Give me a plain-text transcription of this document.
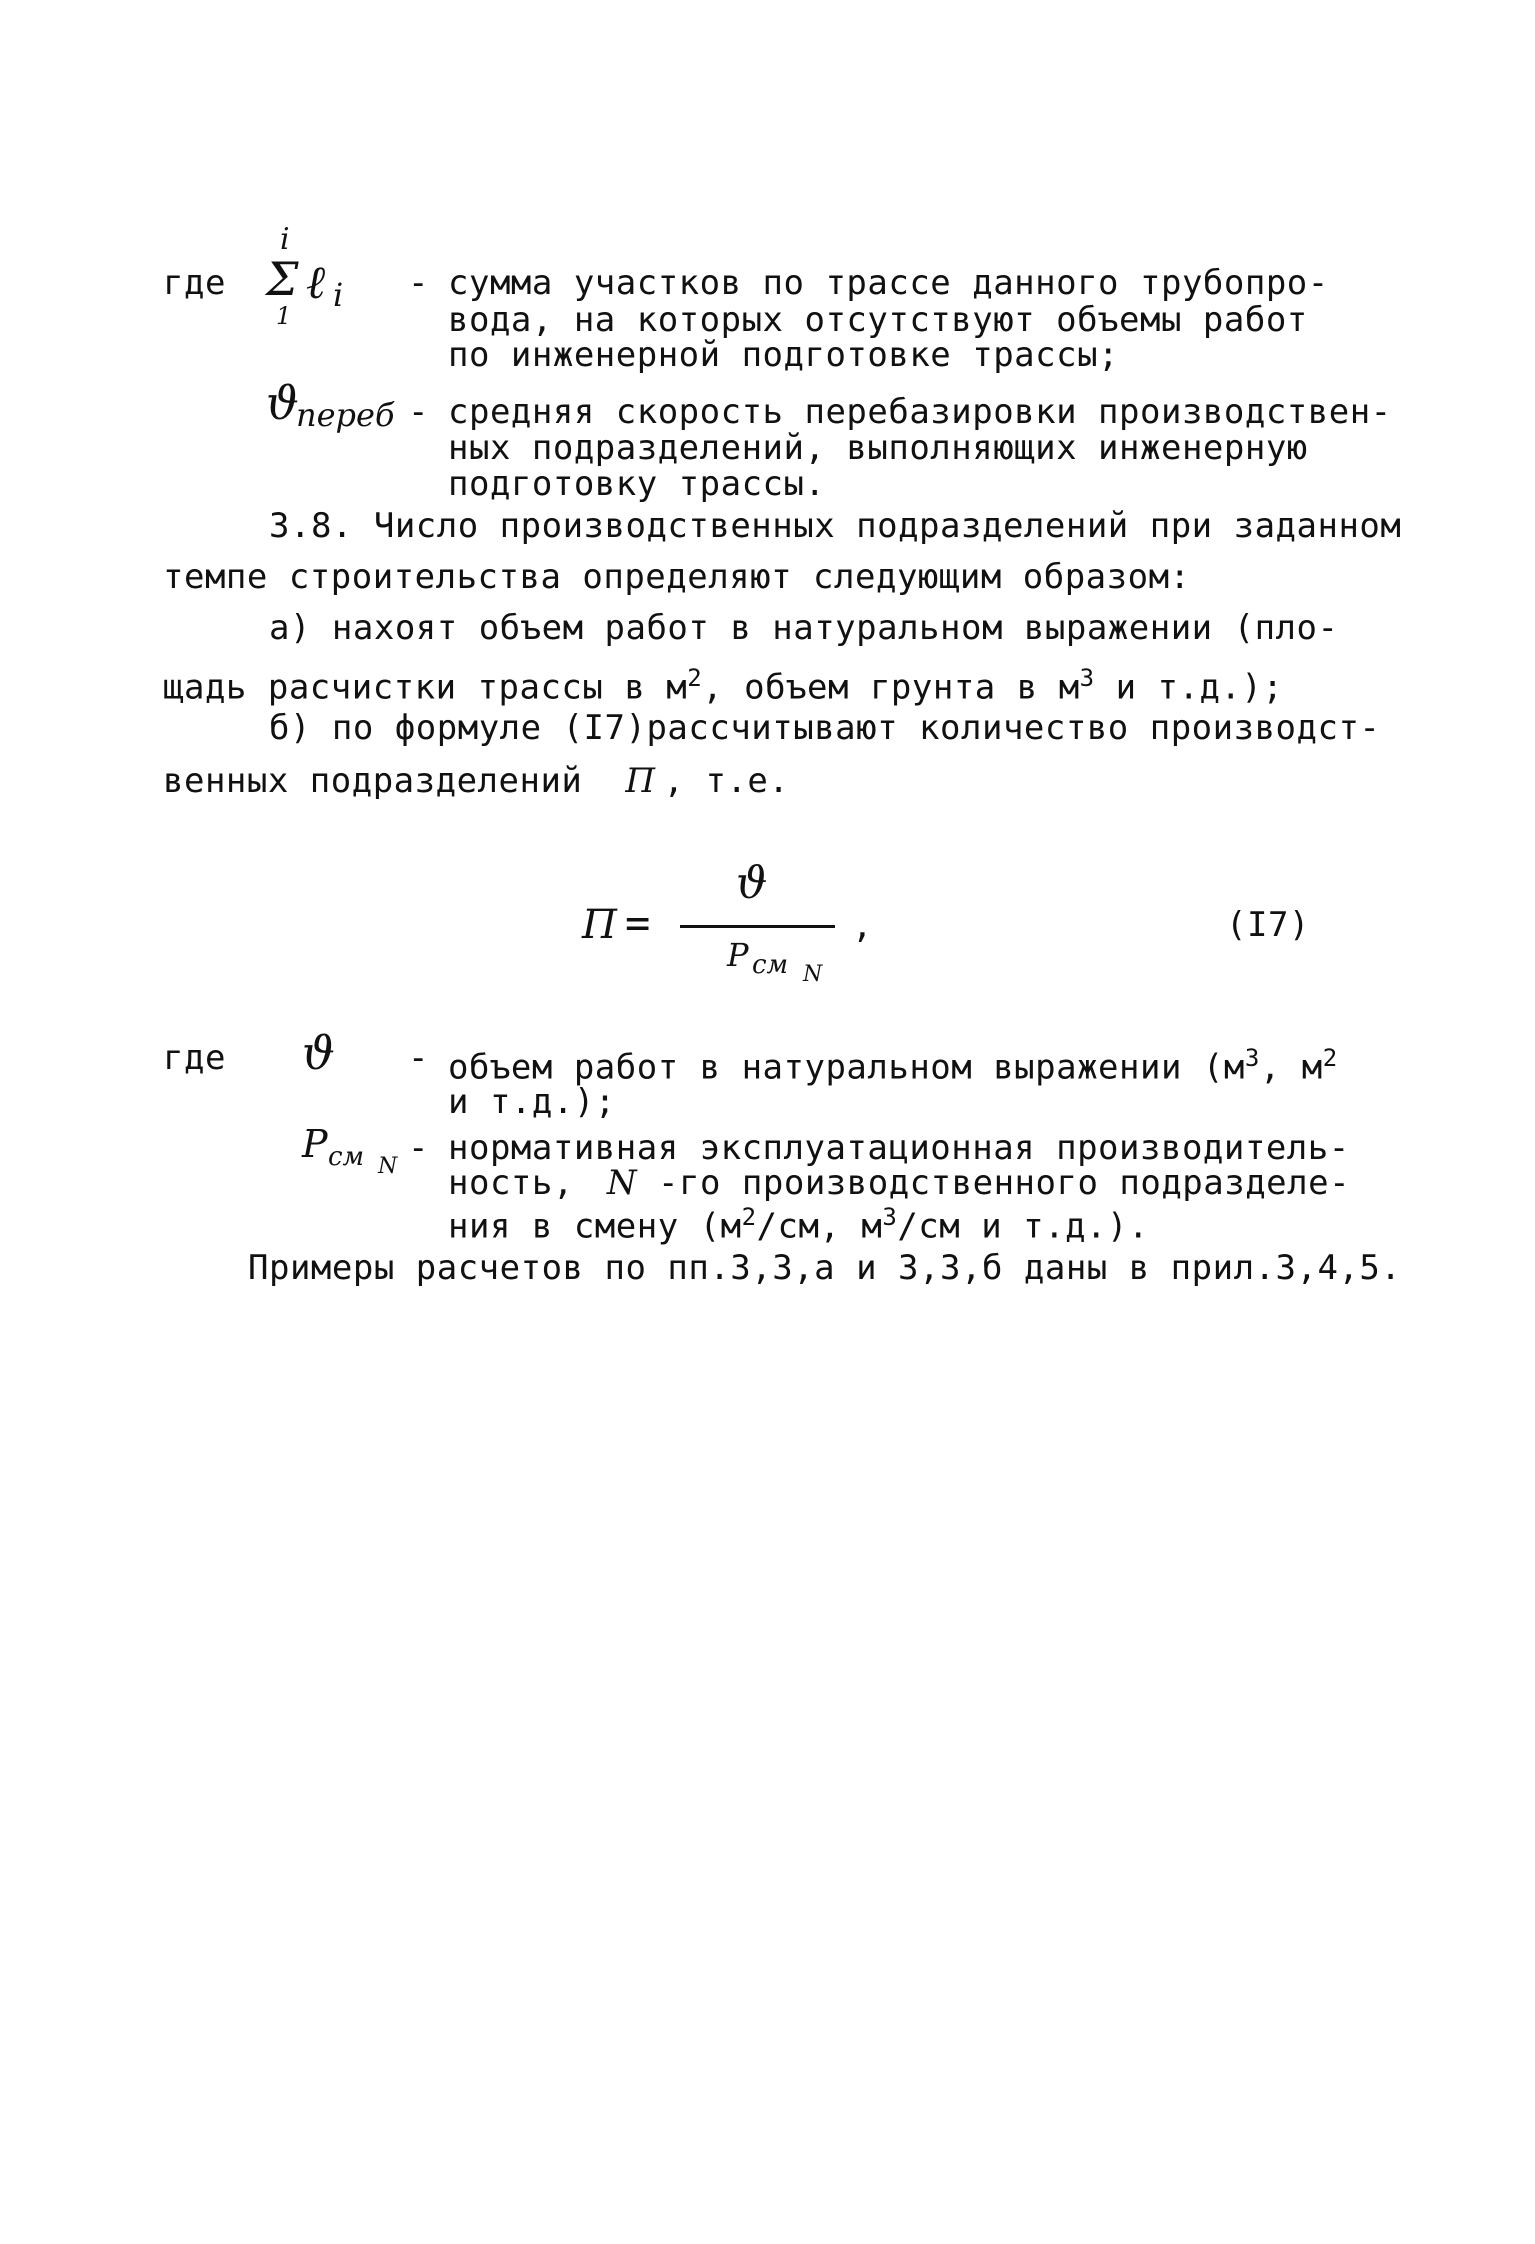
где
i
Σ
1
ℓ i - сумма участков по трассе данного трубопро-
вода, на которых отсутствуют объемы работ
по инженерной подготовке трассы;
ϑ
переб - средняя скорость перебазировки производствен-
ных подразделений, выполняющих инженерную
подготовку трассы.
3.8. Число производственных подразделений при заданном
темпе строительства определяют следующим образом:
а) нахоят объем работ в натуральном выражении (пло-
щадь расчистки трассы в $м^2$, объем грунта в $м^3$ и т.д.);
б) по формуле (I7)рассчитывают количество производст-
венных подразделений П , т.е.
П =
ϑ
P см N
,	(I7)
где ϑ - объем работ в натуральном выражении ($м^3$, $м^2$
и т.д.);
P см N - нормативная эксплуатационная производитель-
ность, N -го производственного подразделе-
ния в смену ($м^2/см$, $м^3/см$ и т.д.).
Примеры расчетов по пп.3,3,а и 3,3,б даны в прил.3,4,5.
